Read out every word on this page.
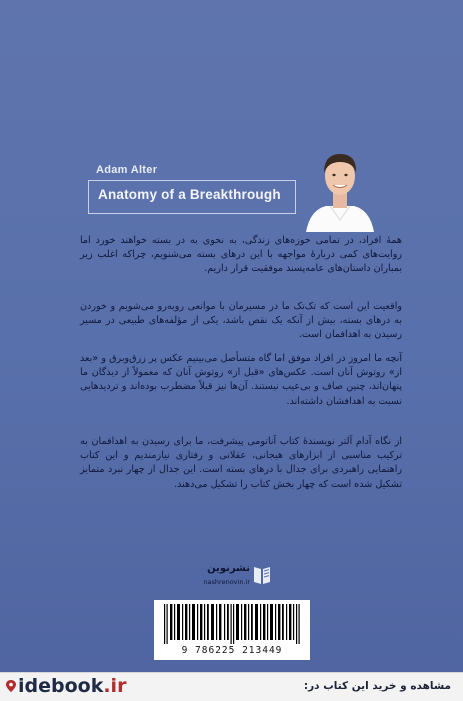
Adam Alter
Anatomy of a Breakthrough

همهٔ افراد، در تمامی حوزه‌های زندگی، به نحوی به در بسته خواهند خورد اما روایت‌های کمی دربارهٔ مواجهه با این درهای بسته می‌شنویم، چراکه اغلب زیر بمباران داستان‌های عامه‌پسند موفقیت قرار داریم.

واقعیت این است که تک‌تک ما در مسیرمان با موانعی روبه‌رو می‌شویم و خوردن به درهای بسته، بیش از آنکه یک نقص باشد، یکی از مؤلفه‌های طبیعی در مسیر رسیدن به اهدافمان است.

آنچه ما امروز در افراد موفق اما گاه متسأصل می‌بینیم عکس پر زرق‌وبرق و «بعد از» روتوش آنان است. عکس‌های «قبل از» روتوش آنان که معمولاً از دیدگان ما پنهان‌اند، چنین صاف و بی‌عیب نیستند. آن‌ها نیز قبلاً مضطرب بوده‌اند و تردیدهایی نسبت به اهدافشان داشته‌اند.

از نگاه آدام آلتر نویسندهٔ کتاب آناتومی پیشرفت، ما برای رسیدن به اهدافمان به ترکیب مناسبی از ابزارهای هیجانی، عقلانی و رفتاری نیازمندیم و این کتاب راهنمایی راهبردی برای جدال با درهای بسته است. این جدال از چهار نبرد متمایز تشکیل شده است که چهار بخش کتاب را تشکیل می‌دهند.

نشرنوین
nashrenovin.ir
9 786225 213449
idebook.ir	مشاهده و خرید این کتاب در:
